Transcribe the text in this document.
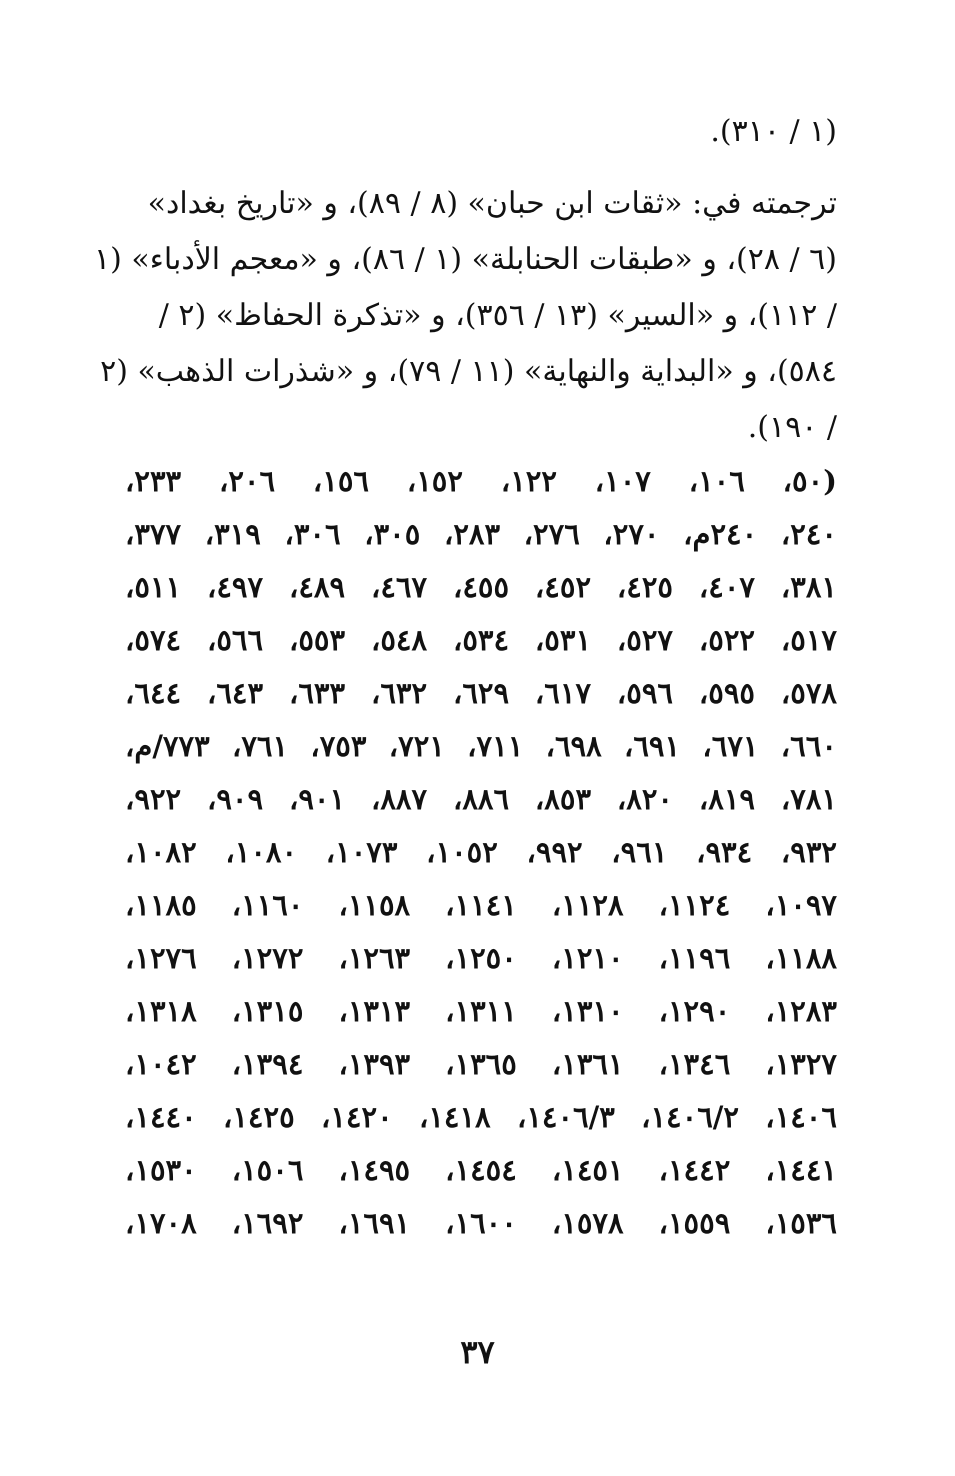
(١ / ٣١٠).
ترجمته في: «ثقات ابن حبان» (٨ / ٨٩)، و «تاريخ بغداد»
(٦ / ٢٨)، و «طبقات الحنابلة» (١ / ٨٦)، و «معجم الأدباء» (١
/ ١١٢)، و «السير» (١٣ / ٣٥٦)، و «تذكرة الحفاظ» (٢ /
٥٨٤)، و «البداية والنهاية» (١١ / ٧٩)، و «شذرات الذهب» (٢
/ ١٩٠).
(٥٠، ١٠٦، ١٠٧، ١٢٢، ١٥٢، ١٥٦، ٢٠٦، ٢٣٣،
٢٤٠، ٢٤٠م، ٢٧٠، ٢٧٦، ٢٨٣، ٣٠٥، ٣٠٦، ٣١٩، ٣٧٧،
٣٨١، ٤٠٧، ٤٢٥، ٤٥٢، ٤٥٥، ٤٦٧، ٤٨٩، ٤٩٧، ٥١١،
٥١٧، ٥٢٢، ٥٢٧، ٥٣١، ٥٣٤، ٥٤٨، ٥٥٣، ٥٦٦، ٥٧٤،
٥٧٨، ٥٩٥، ٥٩٦، ٦١٧، ٦٢٩، ٦٣٢، ٦٣٣، ٦٤٣، ٦٤٤،
٦٦٠، ٦٧١، ٦٩١، ٦٩٨، ٧١١، ٧٢١، ٧٥٣، ٧٦١، ٧٧٣/م،
٧٨١، ٨١٩، ٨٢٠، ٨٥٣، ٨٨٦، ٨٨٧، ٩٠١، ٩٠٩، ٩٢٢،
٩٣٢، ٩٣٤، ٩٦١، ٩٩٢، ١٠٥٢، ١٠٧٣، ١٠٨٠، ١٠٨٢،
١٠٩٧، ١١٢٤، ١١٢٨، ١١٤١، ١١٥٨، ١١٦٠، ١١٨٥،
١١٨٨، ١١٩٦، ١٢١٠، ١٢٥٠، ١٢٦٣، ١٢٧٢، ١٢٧٦،
١٢٨٣، ١٢٩٠، ١٣١٠، ١٣١١، ١٣١٣، ١٣١٥، ١٣١٨،
١٣٢٧، ١٣٤٦، ١٣٦١، ١٣٦٥، ١٣٩٣، ١٣٩٤، ١٠٤٢،
١٤٠٦، ١٤٠٦/٢، ١٤٠٦/٣، ١٤١٨، ١٤٢٠، ١٤٢٥، ١٤٤٠،
١٤٤١، ١٤٤٢، ١٤٥١، ١٤٥٤، ١٤٩٥، ١٥٠٦، ١٥٣٠،
١٥٣٦، ١٥٥٩، ١٥٧٨، ١٦٠٠، ١٦٩١، ١٦٩٢، ١٧٠٨،
٣٧
